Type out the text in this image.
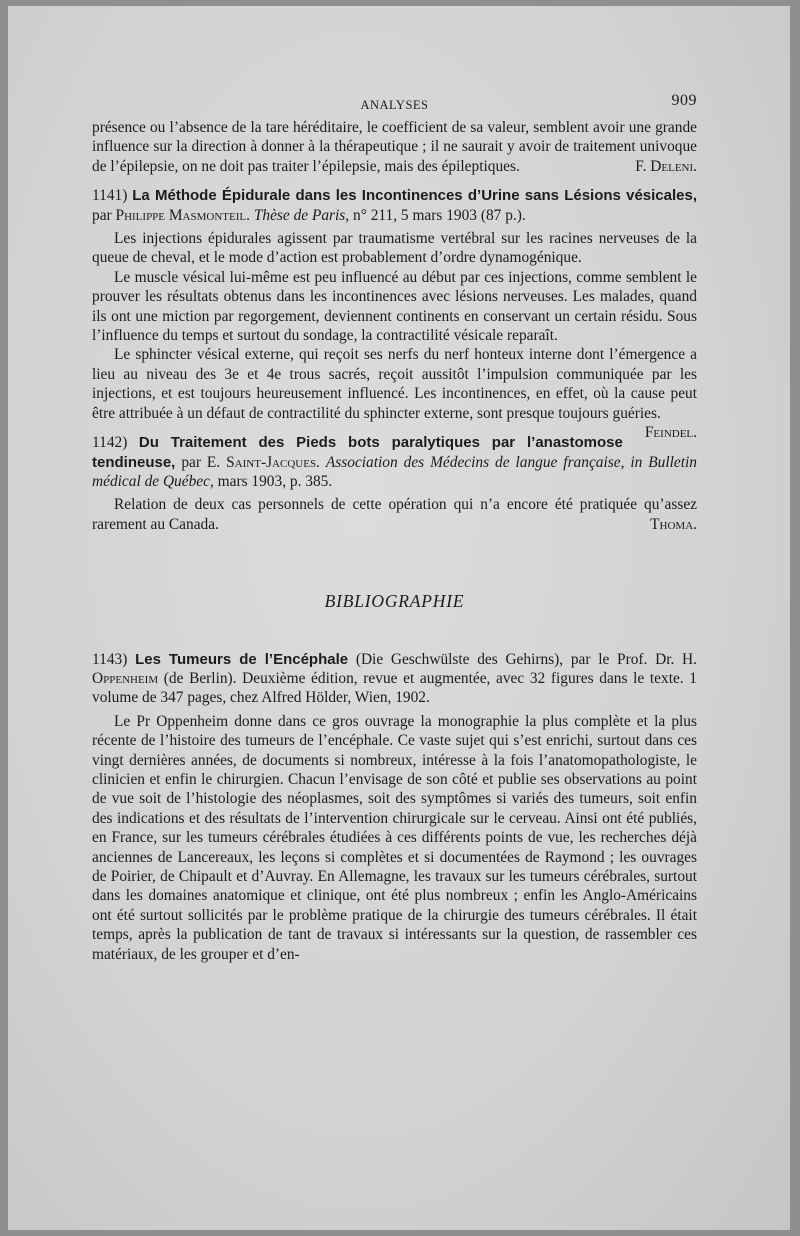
ANALYSES	909

présence ou l’absence de la tare héréditaire, le coefficient de sa valeur, semblent avoir une grande influence sur la direction à donner à la thérapeutique ; il ne saurait y avoir de traitement univoque de l’épilepsie, on ne doit pas traiter l’épilepsie, mais des épileptiques.	F. Deleni.

1141) La Méthode Épidurale dans les Incontinences d’Urine sans Lésions vésicales, par Philippe Masmonteil. Thèse de Paris, n° 211, 5 mars 1903 (87 p.).

Les injections épidurales agissent par traumatisme vertébral sur les racines nerveuses de la queue de cheval, et le mode d’action est probablement d’ordre dynamogénique.

Le muscle vésical lui-même est peu influencé au début par ces injections, comme semblent le prouver les résultats obtenus dans les incontinences avec lésions nerveuses. Les malades, quand ils ont une miction par regorgement, deviennent continents en conservant un certain résidu. Sous l’influence du temps et surtout du sondage, la contractilité vésicale reparaît.

Le sphincter vésical externe, qui reçoit ses nerfs du nerf honteux interne dont l’émergence a lieu au niveau des 3e et 4e trous sacrés, reçoit aussitôt l’impulsion communiquée par les injections, et est toujours heureusement influencé. Les incontinences, en effet, où la cause peut être attribuée à un défaut de contractilité du sphincter externe, sont presque toujours guéries.
Feindel.

1142) Du Traitement des Pieds bots paralytiques par l’anastomose tendineuse, par E. Saint-Jacques. Association des Médecins de langue française, in Bulletin médical de Québec, mars 1903, p. 385.

Relation de deux cas personnels de cette opération qui n’a encore été pratiquée qu’assez rarement au Canada.	Thoma.

BIBLIOGRAPHIE

1143) Les Tumeurs de l’Encéphale (Die Geschwülste des Gehirns), par le Prof. Dr. H. Oppenheim (de Berlin). Deuxième édition, revue et augmentée, avec 32 figures dans le texte. 1 volume de 347 pages, chez Alfred Hölder, Wien, 1902.

Le Pr Oppenheim donne dans ce gros ouvrage la monographie la plus complète et la plus récente de l’histoire des tumeurs de l’encéphale. Ce vaste sujet qui s’est enrichi, surtout dans ces vingt dernières années, de documents si nombreux, intéresse à la fois l’anatomopathologiste, le clinicien et enfin le chirurgien. Chacun l’envisage de son côté et publie ses observations au point de vue soit de l’histologie des néoplasmes, soit des symptômes si variés des tumeurs, soit enfin des indications et des résultats de l’intervention chirurgicale sur le cerveau. Ainsi ont été publiés, en France, sur les tumeurs cérébrales étudiées à ces différents points de vue, les recherches déjà anciennes de Lancereaux, les leçons si complètes et si documentées de Raymond ; les ouvrages de Poirier, de Chipault et d’Auvray. En Allemagne, les travaux sur les tumeurs cérébrales, surtout dans les domaines anatomique et clinique, ont été plus nombreux ; enfin les Anglo-Américains ont été surtout sollicités par le problème pratique de la chirurgie des tumeurs cérébrales. Il était temps, après la publication de tant de travaux si intéressants sur la question, de rassembler ces matériaux, de les grouper et d’en-
